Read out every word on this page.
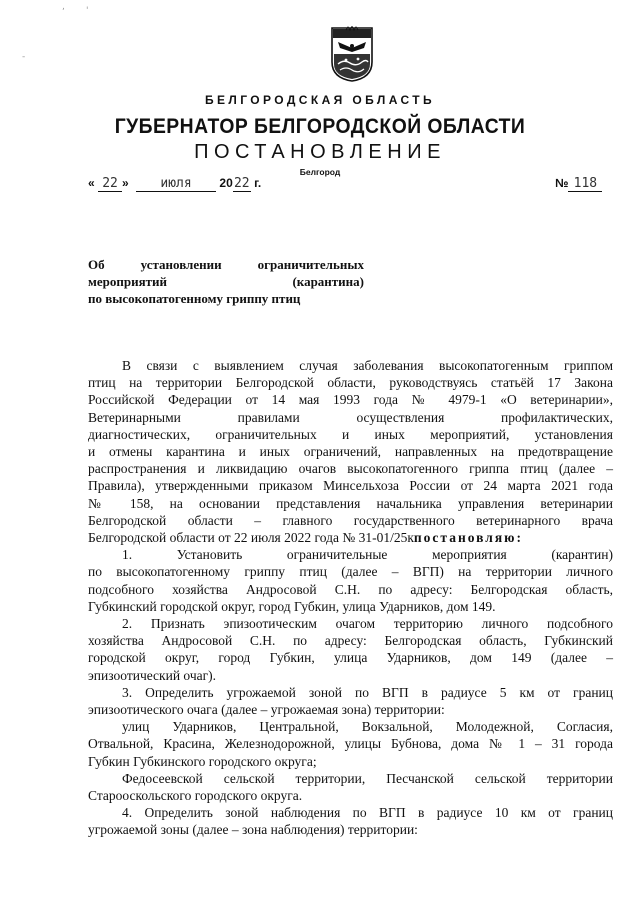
, '
-
БЕЛГОРОДСКАЯ ОБЛАСТЬ
ГУБЕРНАТОР БЕЛГОРОДСКОЙ ОБЛАСТИ
ПОСТАНОВЛЕНИЕ
Белгород
« 22 » июля 2022 г.	№ 118
Об установлении ограничительных
мероприятий (карантина)
по высокопатогенному гриппу птиц
В связи с выявлением случая заболевания высокопатогенным гриппом
птиц на территории Белгородской области, руководствуясь статьёй 17 Закона
Российской Федерации от 14 мая 1993 года № 4979-1 «О ветеринарии»,
Ветеринарными правилами осуществления профилактических,
диагностических, ограничительных и иных мероприятий, установления
и отмены карантина и иных ограничений, направленных на предотвращение
распространения и ликвидацию очагов высокопатогенного гриппа птиц (далее –
Правила), утвержденными приказом Минсельхоза России от 24 марта 2021 года
№ 158, на основании представления начальника управления ветеринарии
Белгородской области – главного государственного ветеринарного врача
Белгородской области от 22 июля 2022 года № 31-01/25кпостановляю:
1. Установить ограничительные мероприятия (карантин)
по высокопатогенному гриппу птиц (далее – ВГП) на территории личного
подсобного хозяйства Андросовой С.Н. по адресу: Белгородская область,
Губкинский городской округ, город Губкин, улица Ударников, дом 149.
2. Признать эпизоотическим очагом территорию личного подсобного
хозяйства Андросовой С.Н. по адресу: Белгородская область, Губкинский
городской округ, город Губкин, улица Ударников, дом 149 (далее –
эпизоотический очаг).
3. Определить угрожаемой зоной по ВГП в радиусе 5 км от границ
эпизоотического очага (далее – угрожаемая зона) территории:
улиц Ударников, Центральной, Вокзальной, Молодежной, Согласия,
Отвальной, Красина, Железнодорожной, улицы Бубнова, дома № 1 – 31 города
Губкин Губкинского городского округа;
Федосеевской сельской территории, Песчанской сельской территории
Старооскольского городского округа.
4. Определить зоной наблюдения по ВГП в радиусе 10 км от границ
угрожаемой зоны (далее – зона наблюдения) территории:
